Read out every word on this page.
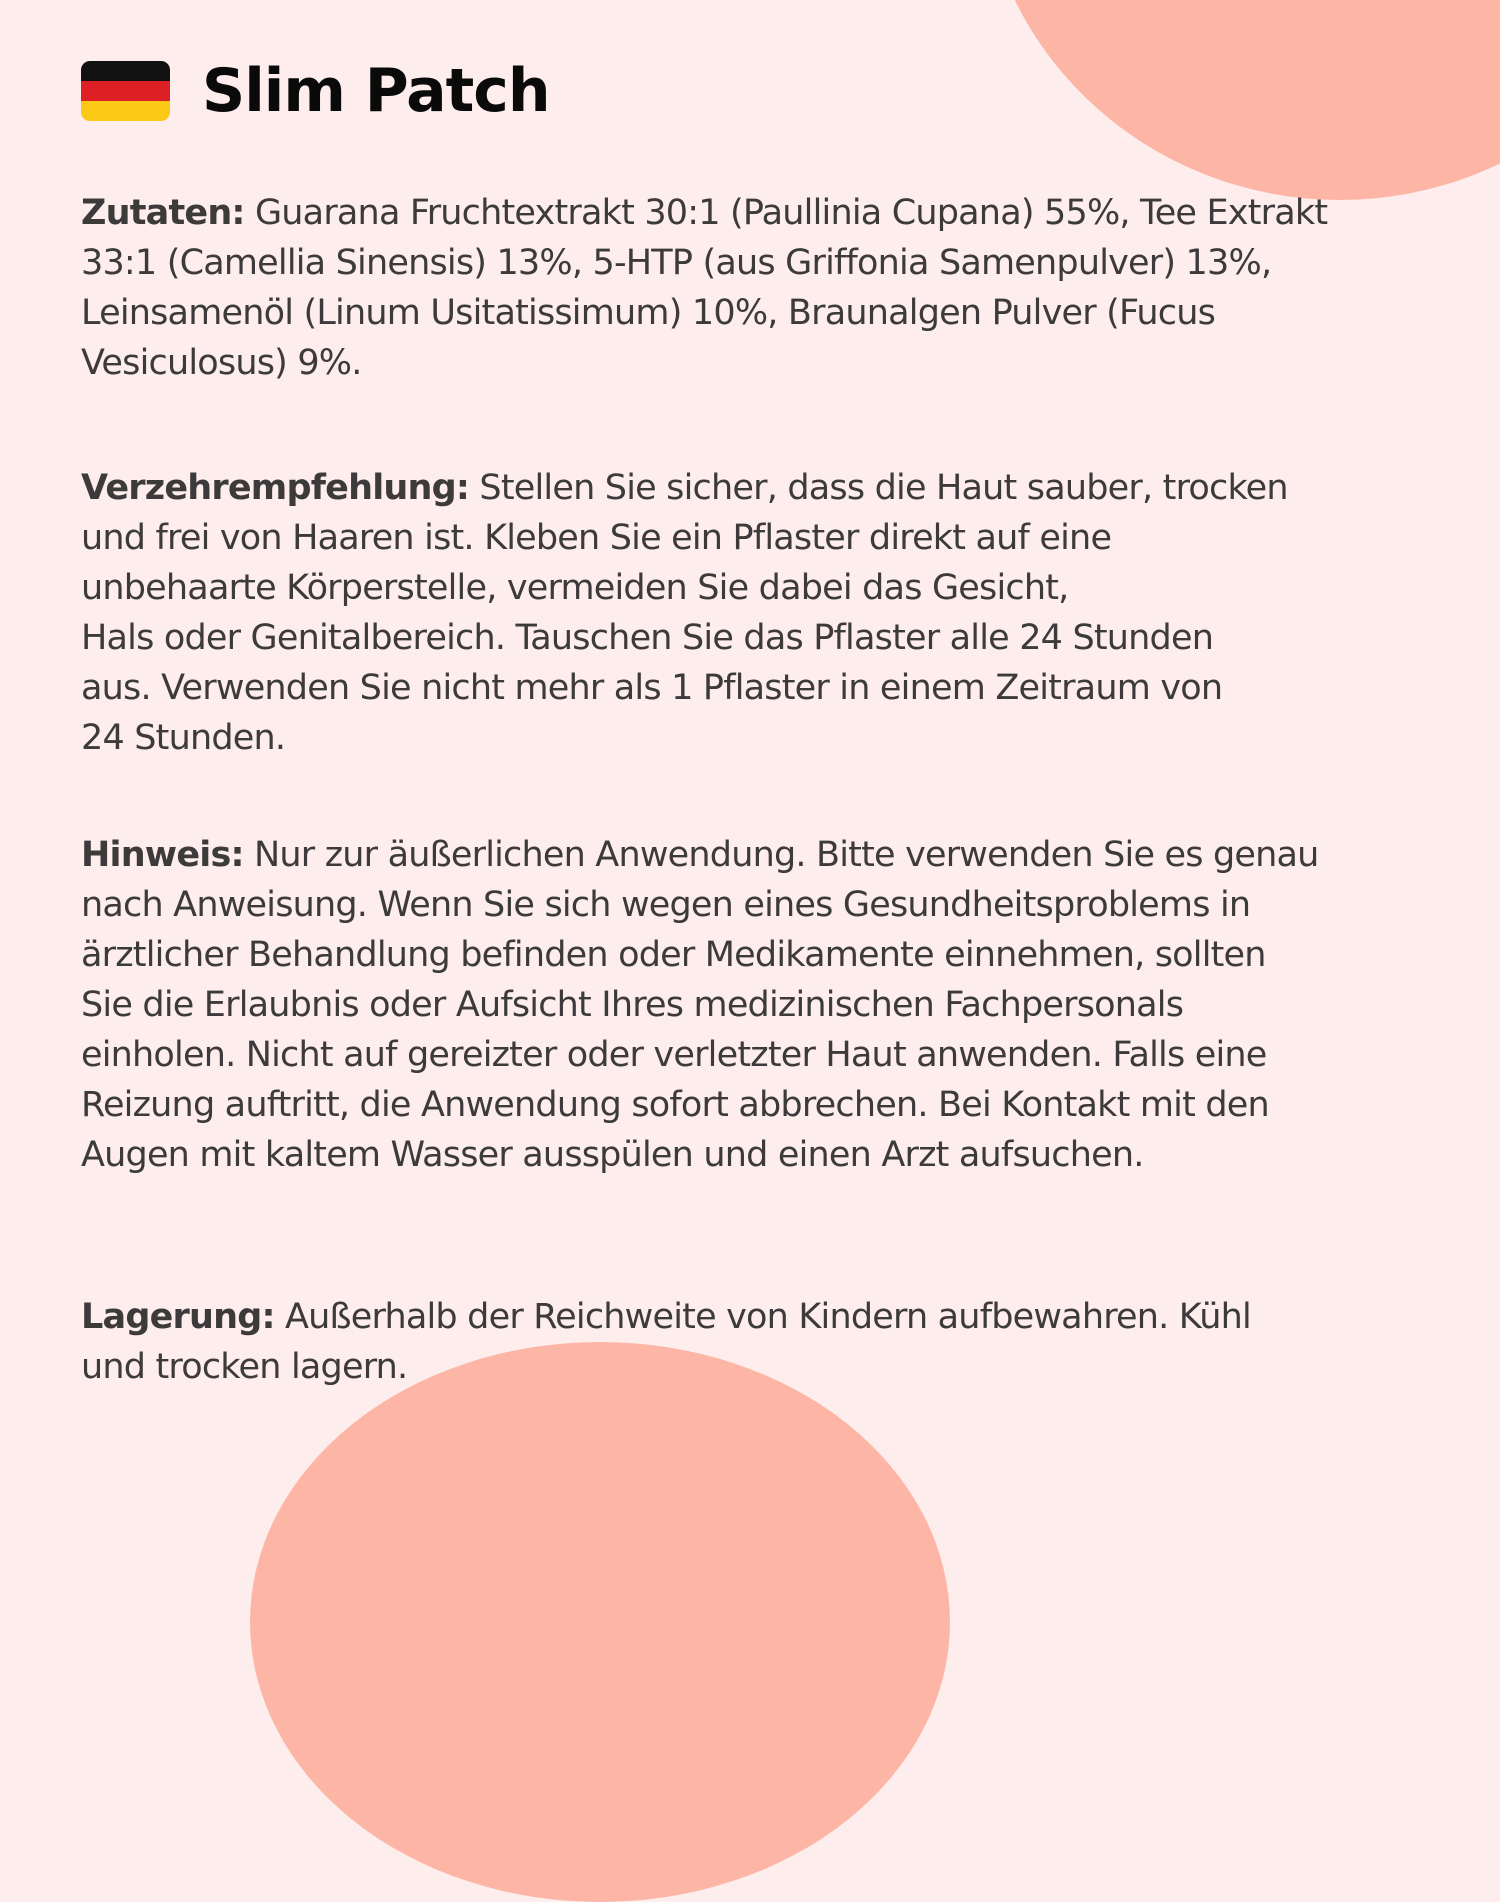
Slim Patch
Zutaten: Guarana Fruchtextrakt 30:1 (Paullinia Cupana) 55%, Tee Extrakt
33:1 (Camellia Sinensis) 13%, 5-HTP (aus Griffonia Samenpulver) 13%,
Leinsamenöl (Linum Usitatissimum) 10%, Braunalgen Pulver (Fucus
Vesiculosus) 9%.
Verzehrempfehlung: Stellen Sie sicher, dass die Haut sauber, trocken
und frei von Haaren ist. Kleben Sie ein Pflaster direkt auf eine
unbehaarte Körperstelle, vermeiden Sie dabei das Gesicht,
Hals oder Genitalbereich. Tauschen Sie das Pflaster alle 24 Stunden
aus. Verwenden Sie nicht mehr als 1 Pflaster in einem Zeitraum von
24 Stunden.
Hinweis: Nur zur äußerlichen Anwendung. Bitte verwenden Sie es genau
nach Anweisung. Wenn Sie sich wegen eines Gesundheitsproblems in
ärztlicher Behandlung befinden oder Medikamente einnehmen, sollten
Sie die Erlaubnis oder Aufsicht Ihres medizinischen Fachpersonals
einholen. Nicht auf gereizter oder verletzter Haut anwenden. Falls eine
Reizung auftritt, die Anwendung sofort abbrechen. Bei Kontakt mit den
Augen mit kaltem Wasser ausspülen und einen Arzt aufsuchen.
Lagerung: Außerhalb der Reichweite von Kindern aufbewahren. Kühl
und trocken lagern.
